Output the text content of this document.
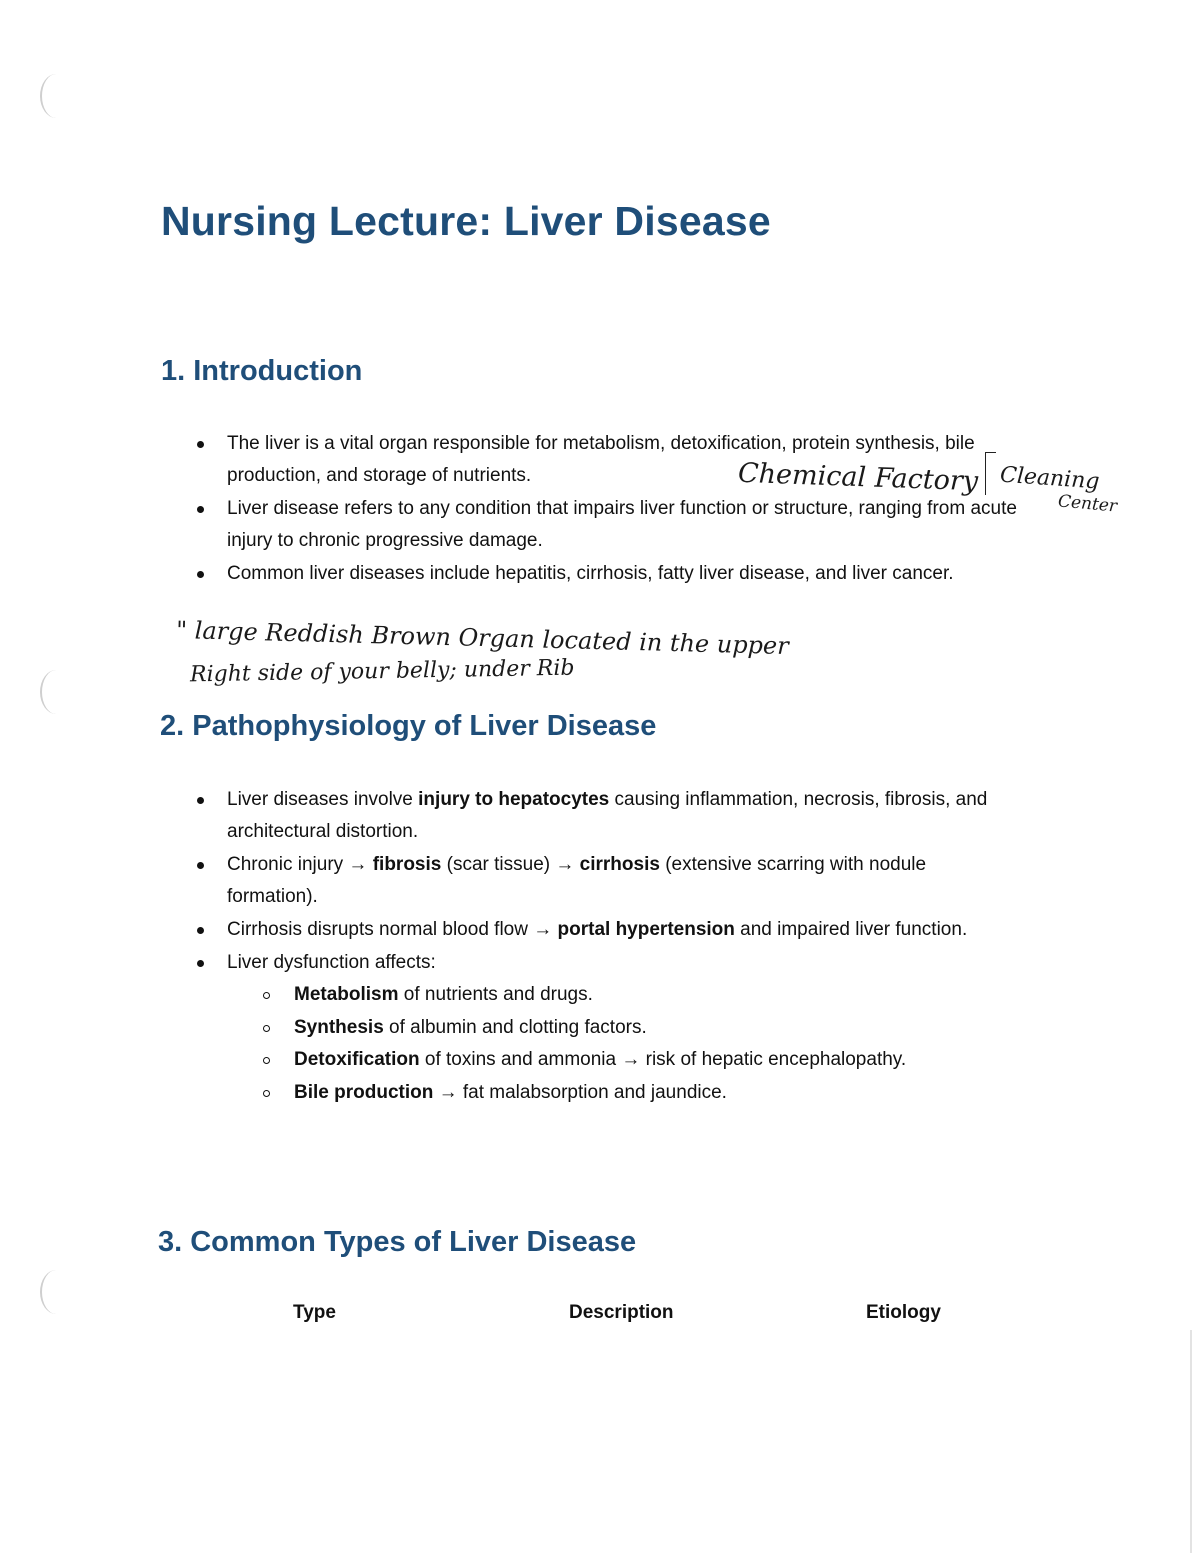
Nursing Lecture: Liver Disease
1. Introduction
The liver is a vital organ responsible for metabolism, detoxification, protein synthesis, bile production, and storage of nutrients.
Liver disease refers to any condition that impairs liver function or structure, ranging from acute injury to chronic progressive damage.
Common liver diseases include hepatitis, cirrhosis, fatty liver disease, and liver cancer.
Chemical Factory Cleaning
Center
" large Reddish Brown Organ located in the upper
Right side of your belly; under Rib
2. Pathophysiology of Liver Disease
Liver diseases involve injury to hepatocytes causing inflammation, necrosis, fibrosis, and architectural distortion.
Chronic injury → fibrosis (scar tissue) → cirrhosis (extensive scarring with nodule formation).
Cirrhosis disrupts normal blood flow → portal hypertension and impaired liver function.
Liver dysfunction affects:
Metabolism of nutrients and drugs.
Synthesis of albumin and clotting factors.
Detoxification of toxins and ammonia → risk of hepatic encephalopathy.
Bile production → fat malabsorption and jaundice.
3. Common Types of Liver Disease
Type	Description	Etiology
